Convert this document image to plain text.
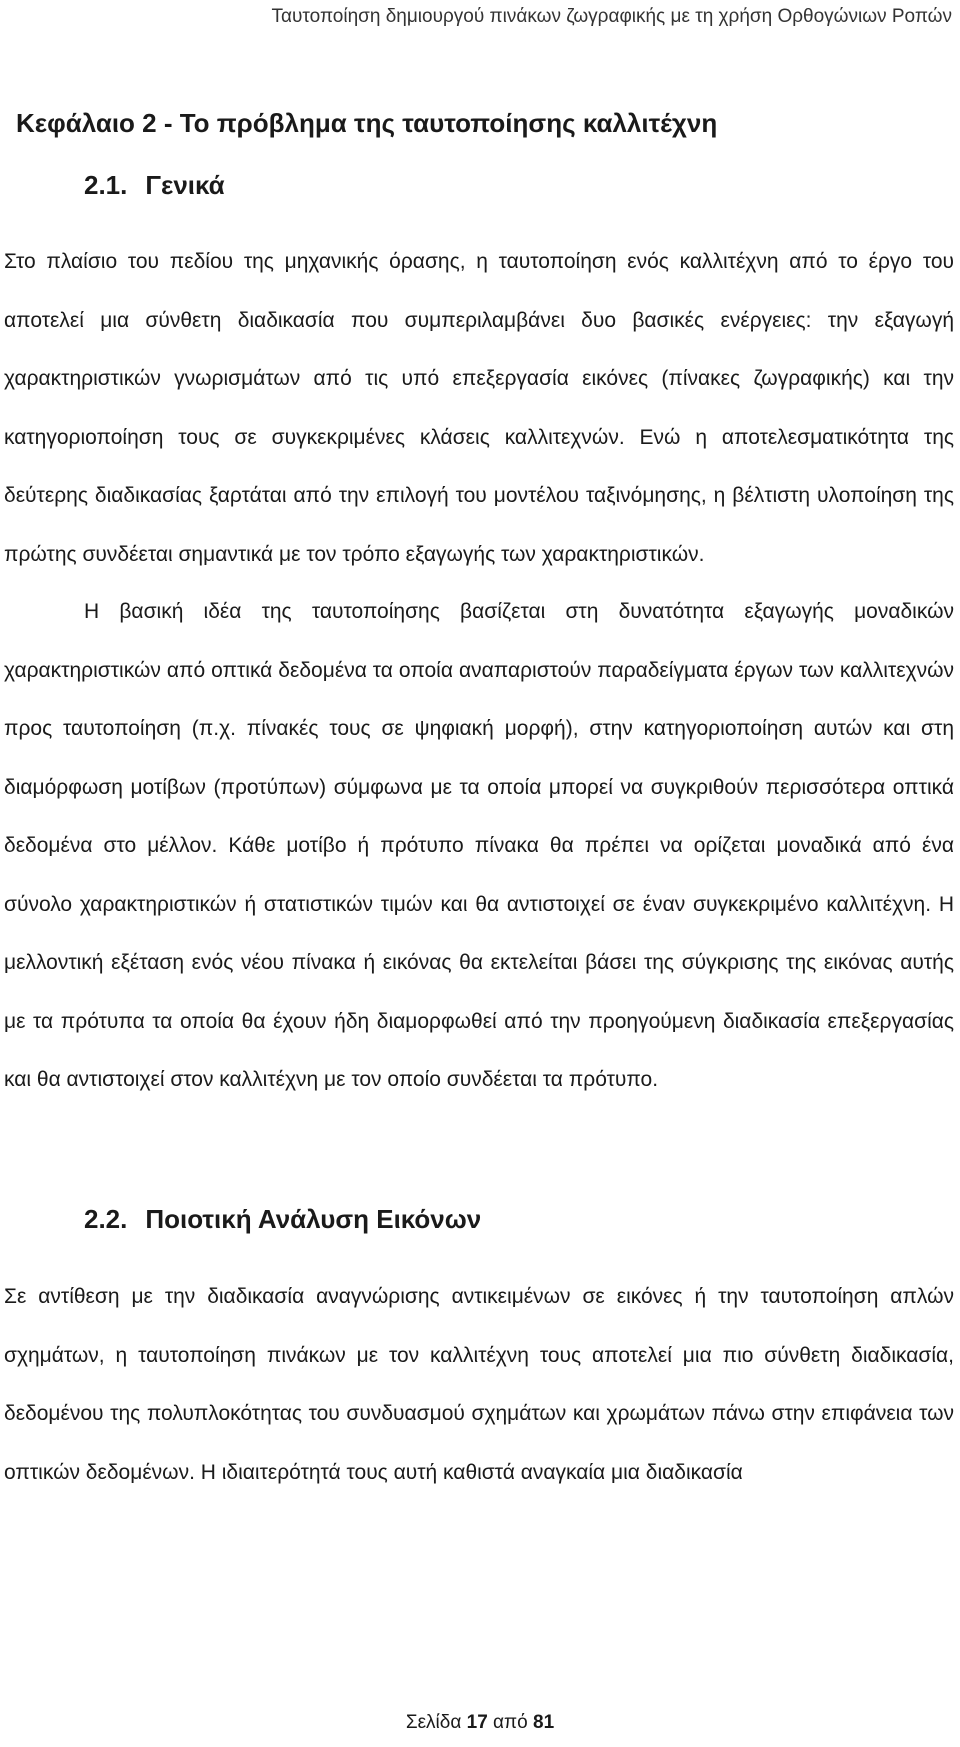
Ταυτοποίηση δημιουργού πινάκων ζωγραφικής με τη χρήση Ορθογώνιων Ροπών
Κεφάλαιο 2 - Το πρόβλημα της ταυτοποίησης καλλιτέχνη
2.1. Γενικά

Στο πλαίσιο του πεδίου της μηχανικής όρασης, η ταυτοποίηση ενός καλλιτέχνη από το έργο του αποτελεί μια σύνθετη διαδικασία που συμπεριλαμβάνει δυο βασικές ενέργειες: την εξαγωγή χαρακτηριστικών γνωρισμάτων από τις υπό επεξεργασία εικόνες (πίνακες ζωγραφικής) και την κατηγοριοποίηση τους σε συγκεκριμένες κλάσεις καλλιτεχνών. Ενώ η αποτελεσματικότητα της δεύτερης διαδικασίας ξαρτάται από την επιλογή του μοντέλου ταξινόμησης, η βέλτιστη υλοποίηση της πρώτης συνδέεται σημαντικά με τον τρόπο εξαγωγής των χαρακτηριστικών.

Η βασική ιδέα της ταυτοποίησης βασίζεται στη δυνατότητα εξαγωγής μοναδικών χαρακτηριστικών από οπτικά δεδομένα τα οποία αναπαριστούν παραδείγματα έργων των καλλιτεχνών προς ταυτοποίηση (π.χ. πίνακές τους σε ψηφιακή μορφή), στην κατηγοριοποίηση αυτών και στη διαμόρφωση μοτίβων (προτύπων) σύμφωνα με τα οποία μπορεί να συγκριθούν περισσότερα οπτικά δεδομένα στο μέλλον. Κάθε μοτίβο ή πρότυπο πίνακα θα πρέπει να ορίζεται μοναδικά από ένα σύνολο χαρακτηριστικών ή στατιστικών τιμών και θα αντιστοιχεί σε έναν συγκεκριμένο καλλιτέχνη. Η μελλοντική εξέταση ενός νέου πίνακα ή εικόνας θα εκτελείται βάσει της σύγκρισης της εικόνας αυτής με τα πρότυπα τα οποία θα έχουν ήδη διαμορφωθεί από την προηγούμενη διαδικασία επεξεργασίας και θα αντιστοιχεί στον καλλιτέχνη με τον οποίο συνδέεται τα πρότυπο.

2.2. Ποιοτική Ανάλυση Εικόνων

Σε αντίθεση με την διαδικασία αναγνώρισης αντικειμένων σε εικόνες ή την ταυτοποίηση απλών σχημάτων, η ταυτοποίηση πινάκων με τον καλλιτέχνη τους αποτελεί μια πιο σύνθετη διαδικασία, δεδομένου της πολυπλοκότητας του συνδυασμού σχημάτων και χρωμάτων πάνω στην επιφάνεια των οπτικών δεδομένων. Η ιδιαιτερότητά τους αυτή καθιστά αναγκαία μια διαδικασία

Σελίδα 17 από 81
